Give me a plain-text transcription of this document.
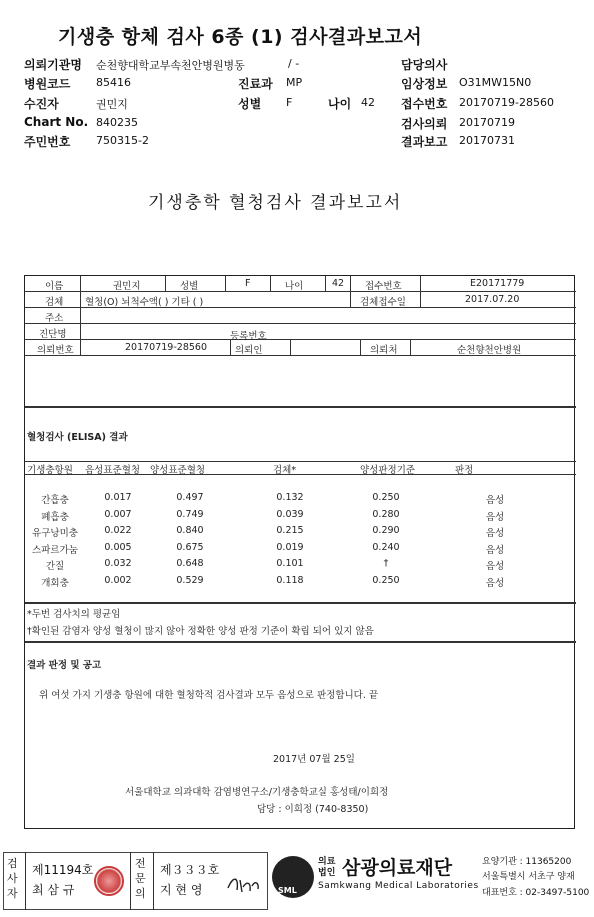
기생충 항체 검사 6종 (1) 검사결과보고서
의뢰기관명 순천향대학교부속천안병원병동	/ -	담당의사
병원코드 85416	진료과 MP	임상정보 O31MW15N0
수진자	권민지	성별 F	나이 42 접수번호 20170719-28560
Chart No. 840235	검사의뢰 20170719
주민번호 750315-2	결과보고 20170731
기생충학 혈청검사 결과보고서
이름	권민지	성별	F	나이	42 접수번호	E20171779
검체 혈청(O) 뇌척수액( ) 기타 ( )	검체접수일	2017.07.20
주소
진단명	등록번호
의뢰번호	20170719-28560	의뢰인	의뢰처	순천향천안병원
혈청검사 (ELISA) 결과
기생충항원 음성표준혈청 양성표준혈청	검체*	양성판정기준	판정
간흡충	0.017	0.497	0.132	0.250	음성
폐흡충	0.007	0.749	0.039	0.280	음성
유구낭미충	0.022	0.840	0.215	0.290	음성
스파르가눔	0.005	0.675	0.019	0.240	음성
간질	0.032	0.648	0.101	†	음성
개회충	0.002	0.529	0.118	0.250	음성
*두번 검사치의 평균임
†확인된 감염자 양성 혈청이 많지 않아 정확한 양성 판정 기준이 확립 되어 있지 않음
결과 판정 및 공고
위 여섯 가지 기생충 항원에 대한 혈청학적 검사결과 모두 음성으로 판정합니다. 끝
2017년 07월 25일
서울대학교 의과대학 감염병연구소/기생충학교실 홍성태/이희정
담당 : 이희정 (740-8350)
검사자
제11194호
최 삼 규
전문의
제３３３호
지 현 영	SML
의료 법인 삼광의료재단
Samkwang Medical Laboratories
요양기관 : 11365200
서울특별시 서초구 양재
대표번호 : 02-3497-5100
